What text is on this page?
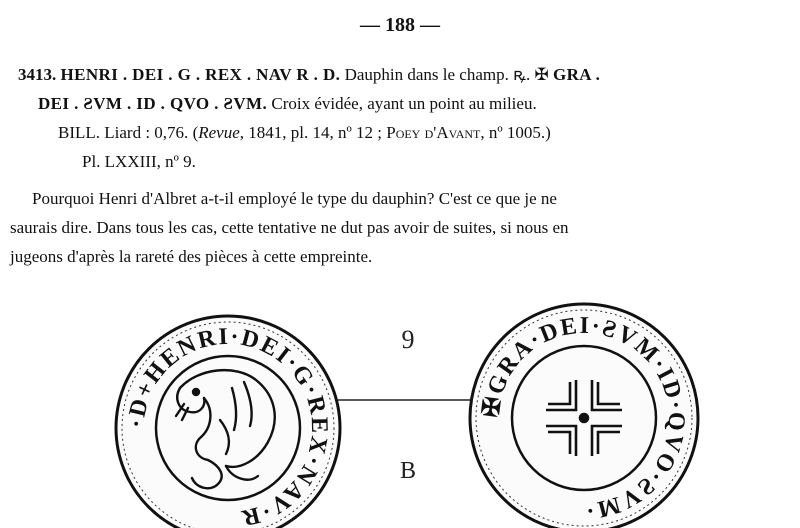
— 188 —
3413. HENRI . DEI . G . REX . NAV R . D. Dauphin dans le champ. ꝶ. ✠ GRA .
DEI . ƧVM . ID . QVO . ƧVM. Croix évidée, ayant un point au milieu.
BILL. Liard : 0,76. (Revue, 1841, pl. 14, nº 12 ; Poey d'Avant, nº 1005.)
Pl. LXXIII, nº 9.
Pourquoi Henri d'Albret a-t-il employé le type du dauphin? C'est ce que je ne
saurais dire. Dans tous les cas, cette tentative ne dut pas avoir de suites, si nous en
jugeons d'après la rareté des pièces à cette empreinte.
9
B
·D+HENRI·DEI·G·REX·NAV·R
✠GRA·DEI·ƧVM·ID·QVO·ƧVM·
